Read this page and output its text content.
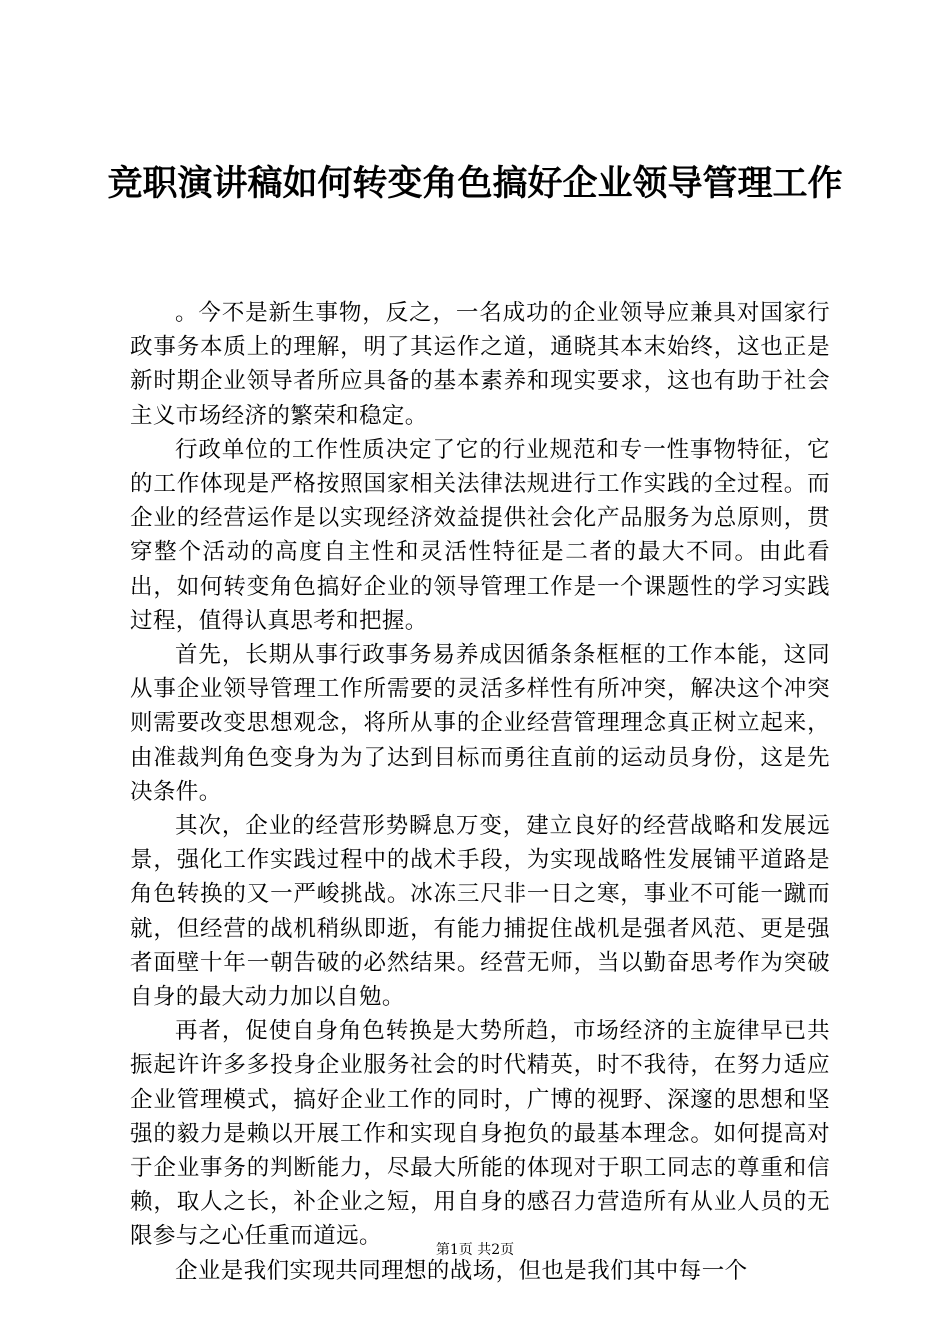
竞职演讲稿如何转变角色搞好企业领导管理工作

。今不是新生事物，反之，一名成功的企业领导应兼具对国家行政事务本质上的理解，明了其运作之道，通晓其本末始终，这也正是新时期企业领导者所应具备的基本素养和现实要求，这也有助于社会主义市场经济的繁荣和稳定。

行政单位的工作性质决定了它的行业规范和专一性事物特征，它的工作体现是严格按照国家相关法律法规进行工作实践的全过程。而企业的经营运作是以实现经济效益提供社会化产品服务为总原则，贯穿整个活动的高度自主性和灵活性特征是二者的最大不同。由此看出，如何转变角色搞好企业的领导管理工作是一个课题性的学习实践过程，值得认真思考和把握。

首先，长期从事行政事务易养成因循条条框框的工作本能，这同从事企业领导管理工作所需要的灵活多样性有所冲突，解决这个冲突则需要改变思想观念，将所从事的企业经营管理理念真正树立起来，由准裁判角色变身为为了达到目标而勇往直前的运动员身份，这是先决条件。

其次，企业的经营形势瞬息万变，建立良好的经营战略和发展远景，强化工作实践过程中的战术手段，为实现战略性发展铺平道路是角色转换的又一严峻挑战。冰冻三尺非一日之寒，事业不可能一蹴而就，但经营的战机稍纵即逝，有能力捕捉住战机是强者风范、更是强者面壁十年一朝告破的必然结果。经营无师，当以勤奋思考作为突破自身的最大动力加以自勉。

再者，促使自身角色转换是大势所趋，市场经济的主旋律早已共振起许许多多投身企业服务社会的时代精英，时不我待，在努力适应企业管理模式，搞好企业工作的同时，广博的视野、深邃的思想和坚强的毅力是赖以开展工作和实现自身抱负的最基本理念。如何提高对于企业事务的判断能力，尽最大所能的体现对于职工同志的尊重和信赖，取人之长，补企业之短，用自身的感召力营造所有从业人员的无限参与之心任重而道远。

企业是我们实现共同理想的战场，但也是我们其中每一个

第1页 共2页
